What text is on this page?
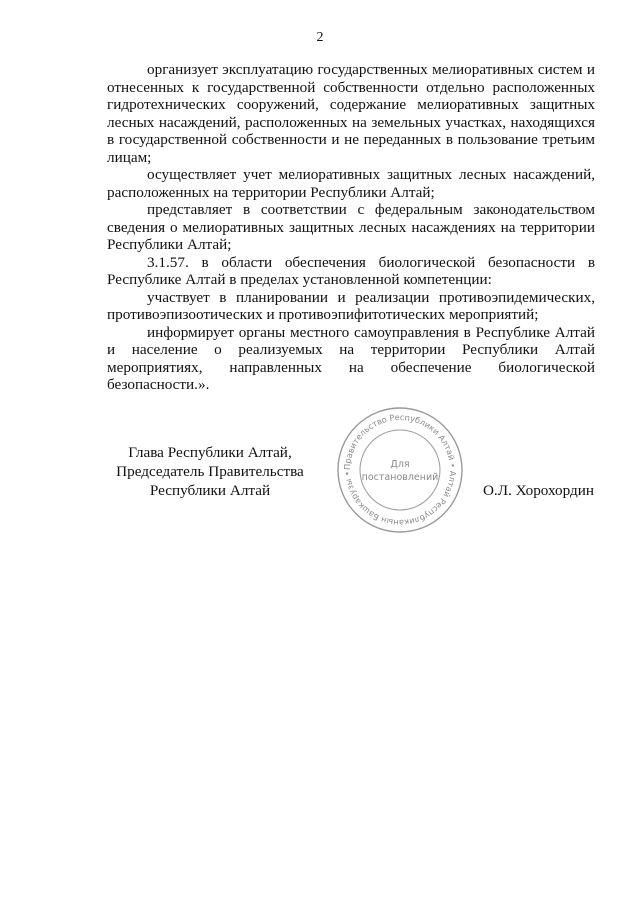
2

организует эксплуатацию государственных мелиоративных систем и отнесенных к государственной собственности отдельно расположенных гидротехнических сооружений, содержание мелиоративных защитных лесных насаждений, расположенных на земельных участках, находящихся в государственной собственности и не переданных в пользование третьим лицам;

осуществляет учет мелиоративных защитных лесных насаждений, расположенных на территории Республики Алтай;

представляет в соответствии с федеральным законодательством сведения о мелиоративных защитных лесных насаждениях на территории Республики Алтай;

3.1.57. в области обеспечения биологической безопасности в Республике Алтай в пределах установленной компетенции:

участвует в планировании и реализации противоэпидемических, противоэпизоотических и противоэпифитотических мероприятий;

информирует органы местного самоуправления в Республике Алтай и население о реализуемых на территории Республики Алтай мероприятиях, направленных на обеспечение биологической безопасности.».

Глава Республики Алтай,
Председатель Правительства
Республики Алтай
Правительство Республики Алтай • Алтай Республиканын Башкарузы •
Для
постановлений
О.Л. Хорохордин
